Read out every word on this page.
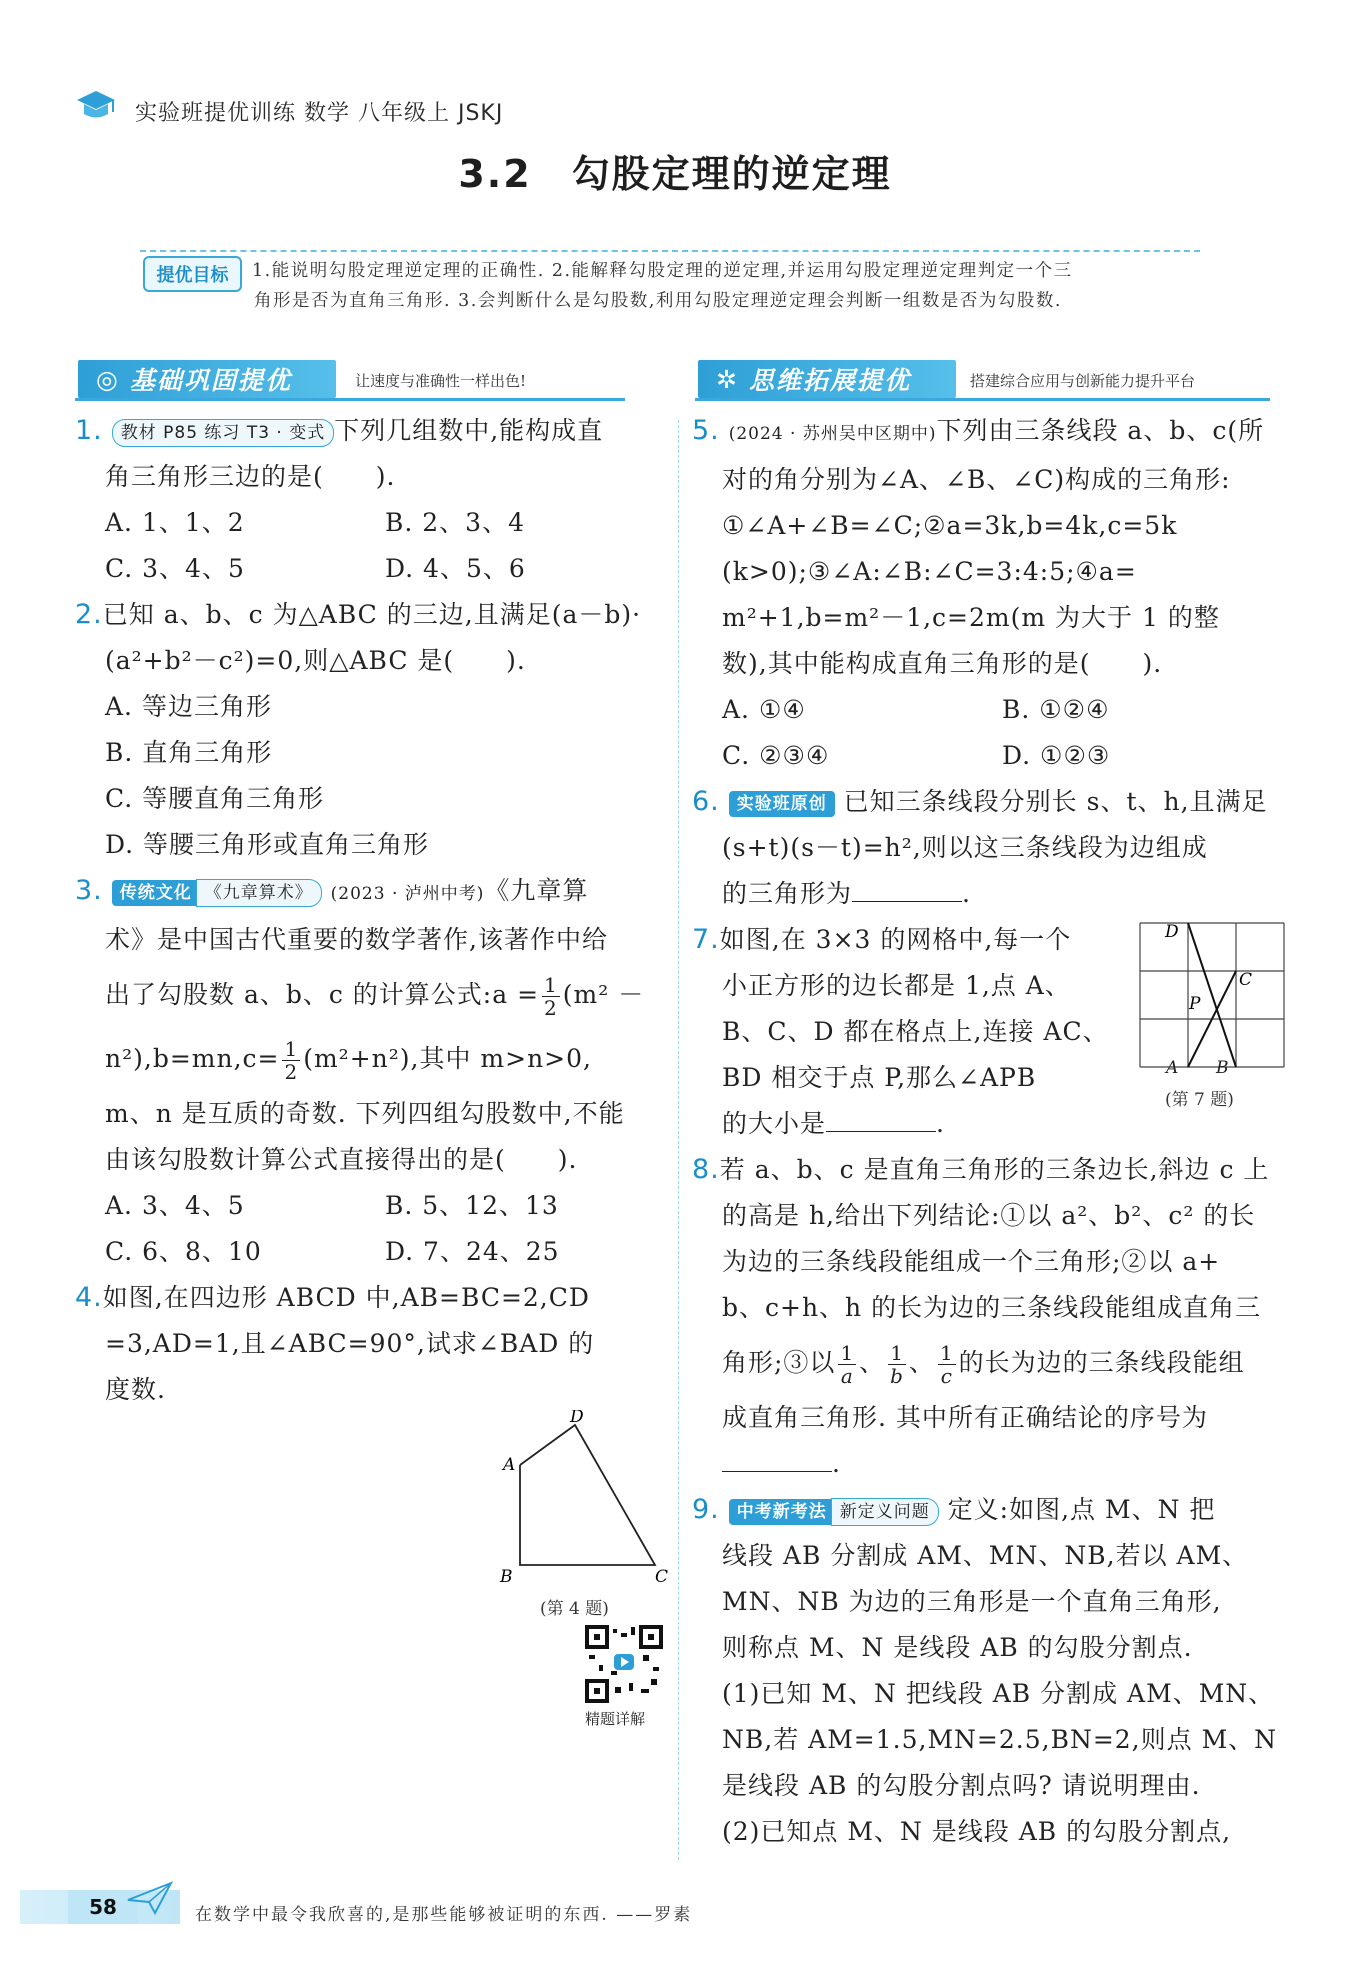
实验班提优训练 数学 八年级上 JSKJ
3.2　勾股定理的逆定理
提优目标	1.能说明勾股定理逆定理的正确性. 2.能解释勾股定理的逆定理,并运用勾股定理逆定理判定一个三
角形是否为直角三角形. 3.会判断什么是勾股数,利用勾股定理逆定理会判断一组数是否为勾股数.
◎ 基础巩固提优	让速度与准确性一样出色!	✲ 思维拓展提优	搭建综合应用与创新能力提升平台
1. 教材 P85 练习 T3 · 变式 下列几组数中,能构成直
角三角形三边的是(　　).
A. 1、1、2	B. 2、3、4
C. 3、4、5	D. 4、5、6
2.已知 a、b、c 为△ABC 的三边,且满足(a－b)·
(a²+b²－c²)=0,则△ABC 是(　　).
A. 等边三角形
B. 直角三角形
C. 等腰直角三角形
D. 等腰三角形或直角三角形
3. 传统文化 《九章算术》 (2023 · 泸州中考)《九章算
术》是中国古代重要的数学著作,该著作中给
出了勾股数 a、b、c 的计算公式:a = $\frac{1}{2} (m^2$ －
$n^2),b=mn,c= \frac{1}{2} (m^2+n^2)$,其中 m>n>0,
m、n 是互质的奇数. 下列四组勾股数中,不能
由该勾股数计算公式直接得出的是(　　).
A. 3、4、5	B. 5、12、13
C. 6、8、10	D. 7、24、25
4.如图,在四边形 ABCD 中,AB=BC=2,CD
=3,AD=1,且∠ABC=90°,试求∠BAD 的
度数.
A
D
B	C
(第 4 题)
精题详解
5. (2024 · 苏州吴中区期中)下列由三条线段 a、b、c(所
对的角分别为∠A、∠B、∠C)构成的三角形:
①∠A+∠B=∠C;②a=3k,b=4k,c=5k
(k>0);③∠A:∠B:∠C=3:4:5;④a=
m²+1,b=m²－1,c=2m(m 为大于 1 的整
数),其中能构成直角三角形的是(　　).
A. ①④	B. ①②④
C. ②③④	D. ①②③
6. 实验班原创 已知三条线段分别长 s、t、h,且满足
(s+t)(s－t)=h²,则以这三条线段为边组成
的三角形为	.
7.如图,在 3×3 的网格中,每一个
小正方形的边长都是 1,点 A、
B、C、D 都在格点上,连接 AC、
BD 相交于点 P,那么∠APB
的大小是	.
8.若 a、b、c 是直角三角形的三条边长,斜边 c 上
的高是 h,给出下列结论:①以 a²、b²、c² 的长
为边的三条线段能组成一个三角形;②以 a+
b、c+h、h 的长为边的三条线段能组成直角三
角形;③以 $\frac{1}{a}$ 、 $\frac{1}{b}$ 、 $\frac{1}{c}$ 的长为边的三条线段能组
成直角三角形. 其中所有正确结论的序号为
.
9. 中考新考法 新定义问题 定义:如图,点 M、N 把
线段 AB 分割成 AM、MN、NB,若以 AM、
MN、NB 为边的三角形是一个直角三角形,
则称点 M、N 是线段 AB 的勾股分割点.
(1)已知 M、N 把线段 AB 分割成 AM、MN、
NB,若 AM=1.5,MN=2.5,BN=2,则点 M、N
是线段 AB 的勾股分割点吗? 请说明理由.
(2)已知点 M、N 是线段 AB 的勾股分割点,
D
C
P
A B
(第 7 题)
58	在数学中最令我欣喜的,是那些能够被证明的东西. ——罗素
